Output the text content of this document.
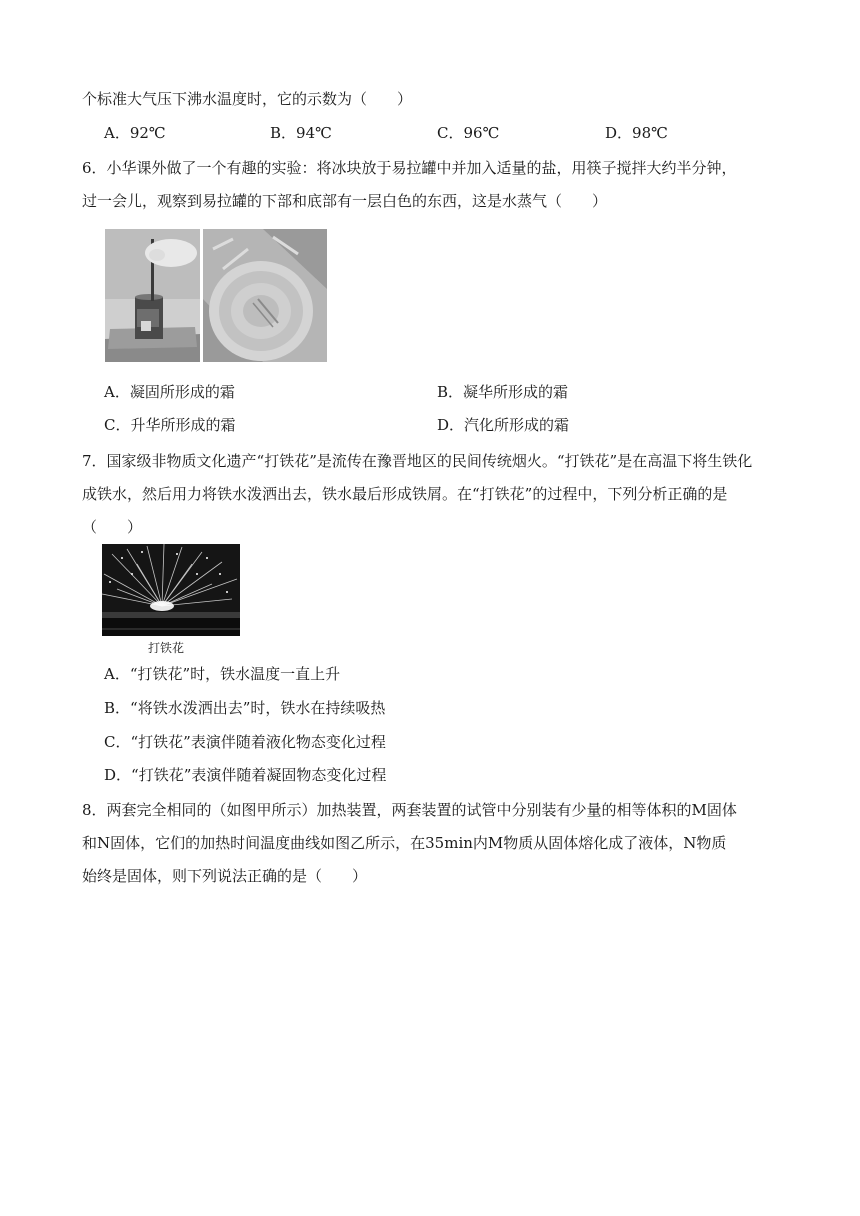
个标准大气压下沸水温度时，它的示数为（　　）
A．92℃	B．94℃	C．96℃	D．98℃
6．小华课外做了一个有趣的实验：将冰块放于易拉罐中并加入适量的盐，用筷子搅拌大约半分钟，
过一会儿，观察到易拉罐的下部和底部有一层白色的东西，这是水蒸气（　　）
A．凝固所形成的霜	B．凝华所形成的霜
C．升华所形成的霜	D．汽化所形成的霜
7．国家级非物质文化遗产“打铁花”是流传在豫晋地区的民间传统烟火。“打铁花”是在高温下将生铁化
成铁水，然后用力将铁水泼洒出去，铁水最后形成铁屑。在“打铁花”的过程中，下列分析正确的是
（　　）
打铁花
A．“打铁花”时，铁水温度一直上升
B．“将铁水泼洒出去”时，铁水在持续吸热
C．“打铁花”表演伴随着液化物态变化过程
D．“打铁花”表演伴随着凝固物态变化过程
8．两套完全相同的（如图甲所示）加热装置，两套装置的试管中分别装有少量的相等体积的M固体
和N固体，它们的加热时间温度曲线如图乙所示，在35min内M物质从固体熔化成了液体，N物质
始终是固体，则下列说法正确的是（　　）
